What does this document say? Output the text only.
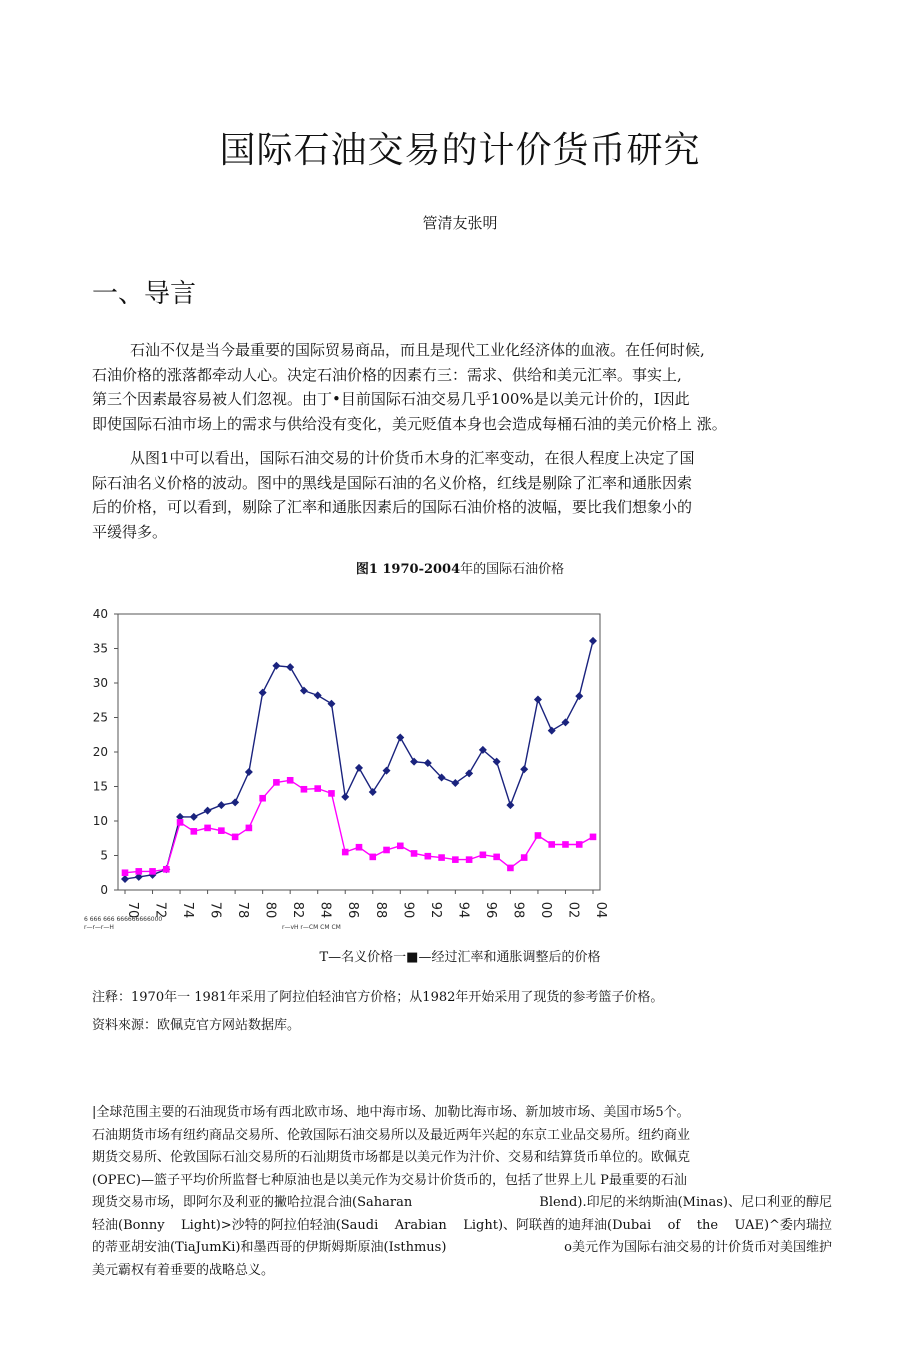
国际石油交易的计价货币研究
管清友张明
一、导言
石汕不仅是当今最重要的国际贸易商品，而且是现代工业化经济体的血液。在任何时候,
石油价格的涨落都牵动人心。决定石油价格的因素冇三：需求、供给和美元汇率。事实上,
第三个因素最容易被人们忽视。由丁•目前国际石油交易几乎100%是以美元计价的，I因此
即使国际石油市场上的需求与供给没有变化，美元贬值本身也会造成每桶石油的美元价格上 涨。
从图1中可以看出，国际石油交易的计价货币木身的汇率变动，在很人程度上决定了国
际石油名义价格的波动。图中的黑线是国际石油的名义价格，红线是剔除了汇率和通胀因索
后的价格，可以看到，剔除了汇率和通胀因素后的国际石油价格的波幅，要比我们想象小的
平缓得多。
图1 1970-2004年的国际石油价格
0
5
10
15
20
25
30
35
40
70 72 74 76 78 80 82 84 86 88 90 92 94 96 98 00 02 04
6 666 666 666666666000
r—r—r—H	r—vH r—CM CM CM
T—名义价格一■—经过汇率和通胀调整后的价格
注释：1970年一 1981年采用了阿拉伯轻油官方价格；从1982年开始采用了现货的参考篮子价格。
资料來源：欧佩克官方网站数据库。
|全球范围主要的石油现货市场有西北欧市场、地中海市场、加勒比海市场、新加坡市场、美国市场5个。
石油期货市场有纽约商品交易所、伦敦国际石油交易所以及最近两年兴起的东京工业品交易所。纽约商业
期货交易所、伦敦国际石汕交易所的石汕期货市场都是以美元作为汁价、交易和结算货币单位的。欧佩克
(OPEC)—篮子平均价所监督七种原油也是以美元作为交易计价货币的，包括了世界上儿 P最重要的石汕
现货交易市场，即阿尔及利亚的撇哈拉混合油(Saharan	Blend).印尼的米纳斯油(Minas)、尼口利亚的醇尼
轻油(Bonny Light)>沙特的阿拉伯轻油(Saudi Arabian Light)、阿联酋的迪拜油(Dubai of the UAE)^委内瑞拉
的蒂亚胡安油(TiaJumKi)和墨西哥的伊斯姆斯原油(Isthmus)	o美元作为国际右油交易的计价货币对美国维护
美元霸权有着垂要的战略总义。
